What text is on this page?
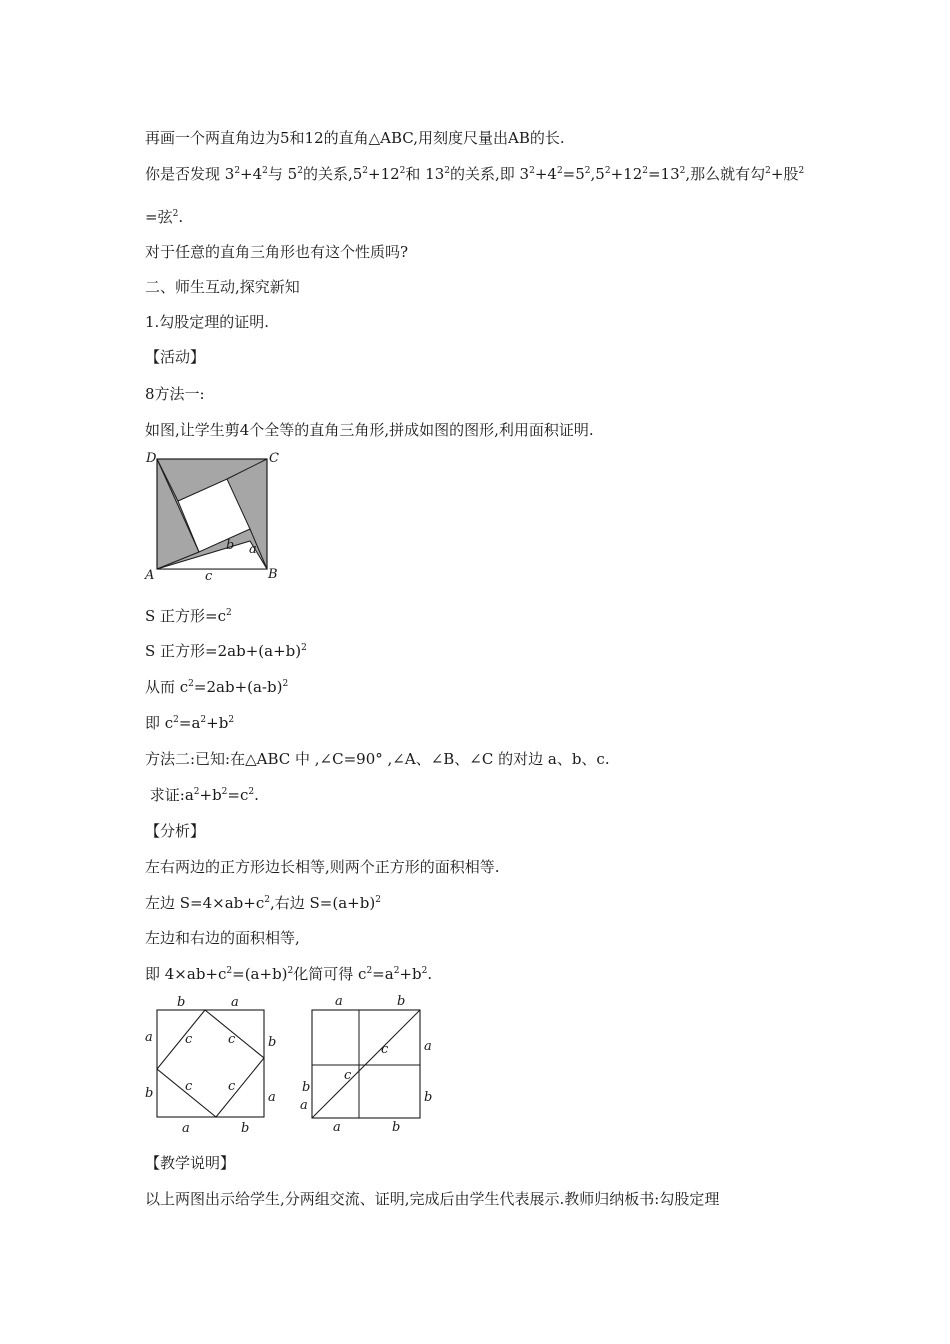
再画一个两直角边为5和12的直角△ABC,用刻度尺量出AB的长.
你是否发现 $3^2+4^2$与 $5^2$的关系$,5^2+12^2$和 $13^2$的关系,即 $3^2+4^2=5^2,5^2+12^2=13^2$,那么就有勾$^2$+股$^2$
=弦$^2$.
对于任意的直角三角形也有这个性质吗?
二、师生互动,探究新知
1.勾股定理的证明.
【活动】
8方法一:
如图,让学生剪4个全等的直角三角形,拼成如图的图形,利用面积证明.
D	C
A	B
b a
c
S 正方形$=c^2$
S 正方形$=2ab+(a+b)^2$
从而 $c^2=2ab+(a-b)^2$
即 $c^2=a^2+b^2$
方法二:已知:在△ABC 中 ,∠C=90° ,∠A、∠B、∠C 的对边 a、b、c.
求证$:a^2+b^2=c^2$.
【分析】
左右两边的正方形边长相等,则两个正方形的面积相等.
左边 $S=4\times ab+c^2$,右边 $S=(a+b)^2$
左边和右边的面积相等,
即 $4\times ab+c^2=(a+b)^2$化简可得 $c^2=a^2+b^2$.
b	a
a
b
b
a
a	b
c	c
c	c
a	b
b
a
a
b
a	b
c
c
【教学说明】
以上两图出示给学生,分两组交流、证明,完成后由学生代表展示.教师归纳板书:勾股定理
